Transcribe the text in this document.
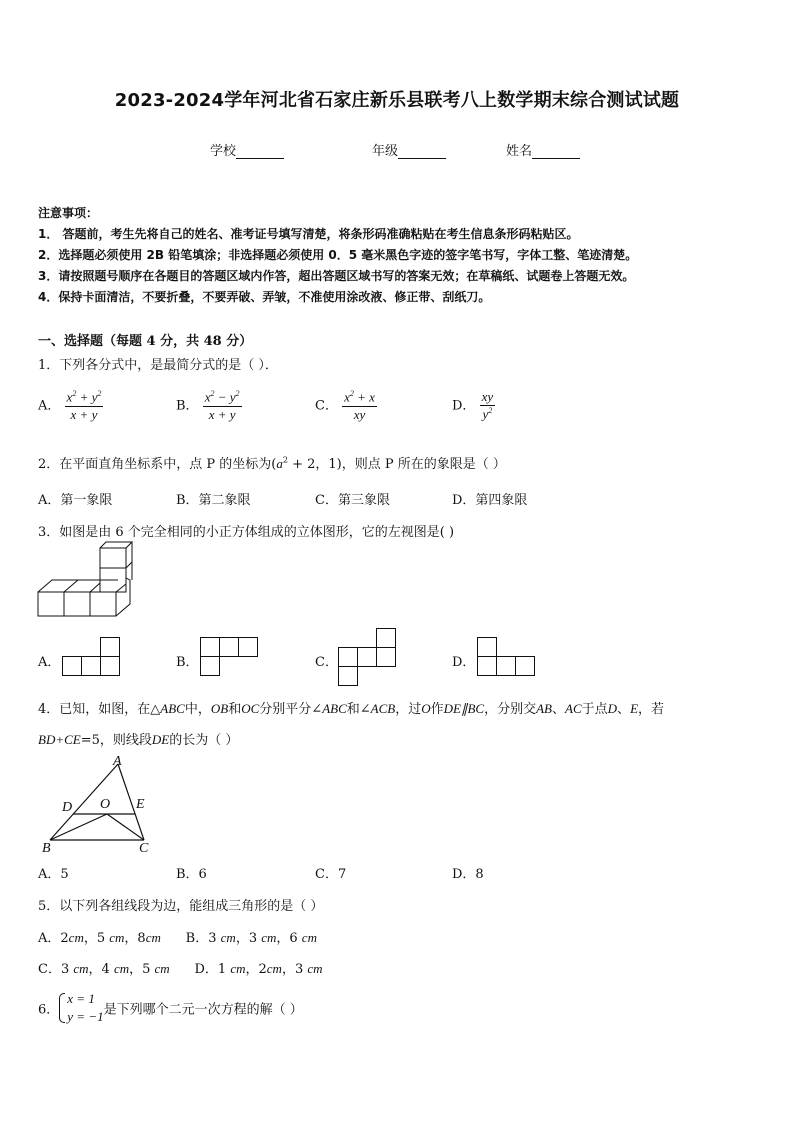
2023-2024学年河北省石家庄新乐县联考八上数学期末综合测试试题
学校	年级	姓名
注意事项：
1． 答题前，考生先将自己的姓名、准考证号填写清楚，将条形码准确粘贴在考生信息条形码粘贴区。
2．选择题必须使用 2B 铅笔填涂；非选择题必须使用 0．5 毫米黑色字迹的签字笔书写，字体工整、笔迹清楚。
3．请按照题号顺序在各题目的答题区域内作答，超出答题区域书写的答案无效；在草稿纸、试题卷上答题无效。
4．保持卡面清洁，不要折叠，不要弄破、弄皱，不准使用涂改液、修正带、刮纸刀。
一、选择题（每题 4 分，共 48 分）
1．下列各分式中，是最简分式的是（ ）．
A． $\frac{x^2 + y^2}{x + y}$	B． $\frac{x^2 - y^2}{x + y}$	C． $\frac{x^2 + x}{xy}$	D． $\frac{xy}{y^2}$
2．在平面直角坐标系中，点 P 的坐标为($a^2 + 2$，1)，则点 P 所在的象限是（ ）
A．第一象限	B．第二象限	C．第三象限	D．第四象限
3．如图是由 6 个完全相同的小正方体组成的立体图形，它的左视图是( )
A．	B．	C．	D．
4．已知，如图，在△ABC中，OB和OC分别平分∠ABC和∠ACB，过O作DE∥BC，分别交AB、AC于点D、E，若
BD+CE=5，则线段DE的长为（ ）
A
D O E
B	C
A．5	B．6	C．7	D．8
5．以下列各组线段为边，能组成三角形的是（ ）
A．2cm，5 cm，8cm      B．3 cm，3 cm，6 cm
C．3 cm，4 cm，5 cm      D．1 cm，2cm，3 cm
6．
x = 1
y = −1 是下列哪个二元一次方程的解（ ）
